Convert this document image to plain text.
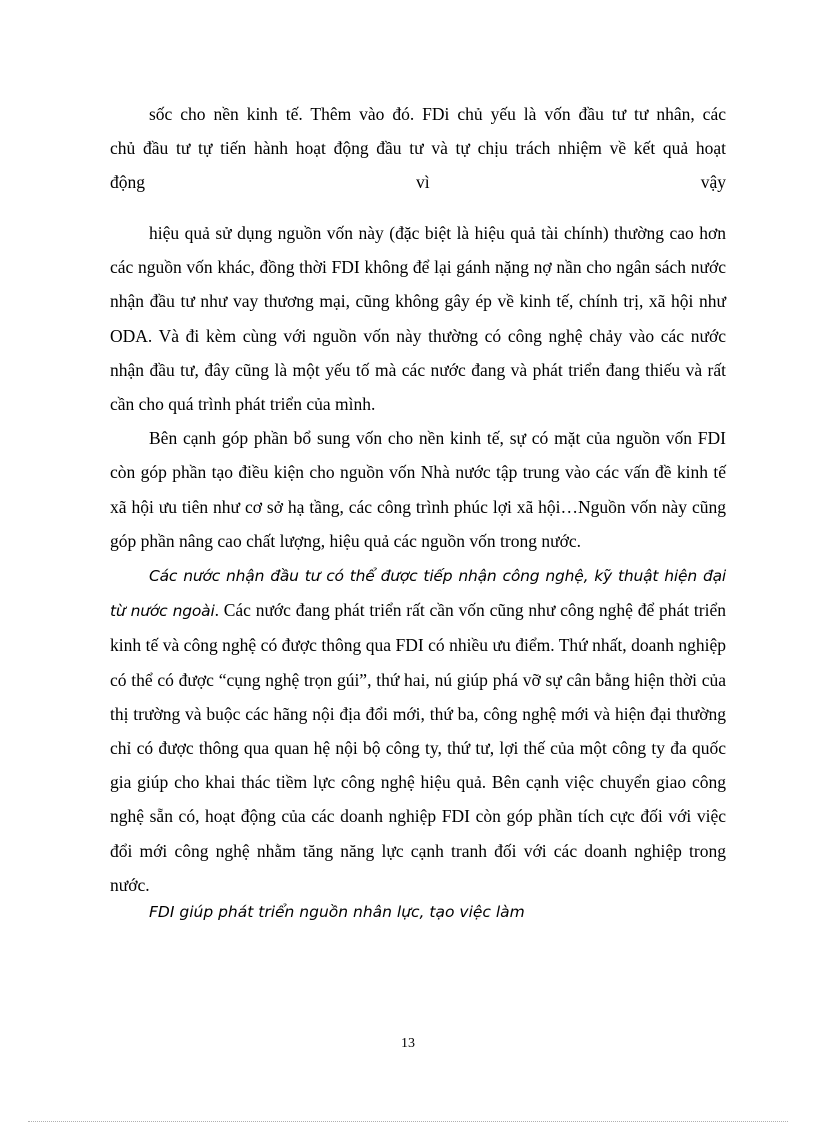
sốc cho nền kinh tế. Thêm vào đó. FDi chủ yếu là vốn đầu tư tư nhân, các

chủ đầu tư tự tiến hành hoạt động đầu tư và tự chịu trách nhiệm về kết quả hoạt

động vì vậy

hiệu quả sử dụng nguồn vốn này (đặc biệt là hiệu quả tài chính) thường cao hơn các nguồn vốn khác, đồng thời FDI không để lại gánh nặng nợ nần cho ngân sách nước nhận đầu tư như vay thương mại, cũng không gây ép về kinh tế, chính trị, xã hội như ODA. Và đi kèm cùng với nguồn vốn này thường có công nghệ chảy vào các nước nhận đầu tư, đây cũng là một yếu tố mà các nước đang và phát triển đang thiếu và rất cần cho quá trình phát triển của mình.

Bên cạnh góp phần bổ sung vốn cho nền kinh tế, sự có mặt của nguồn vốn FDI còn góp phần tạo điều kiện cho nguồn vốn Nhà nước tập trung vào các vấn đề kinh tế xã hội ưu tiên như cơ sở hạ tầng, các công trình phúc lợi xã hội…Nguồn vốn này cũng góp phần nâng cao chất lượng, hiệu quả các nguồn vốn trong nước.

Các nước nhận đầu tư có thể được tiếp nhận công nghệ, kỹ thuật hiện đại từ nước ngoài. Các nước đang phát triển rất cần vốn cũng như công nghệ để phát triển kinh tế và công nghệ có được thông qua FDI có nhiều ưu điểm. Thứ nhất, doanh nghiệp có thể có được “cụng nghệ trọn gúi”, thứ hai, nú giúp phá vỡ sự cân bằng hiện thời của thị trường và buộc các hãng nội địa đổi mới, thứ ba, công nghệ mới và hiện đại thường chỉ có được thông qua quan hệ nội bộ công ty, thứ tư, lợi thế của một công ty đa quốc gia giúp cho khai thác tiềm lực công nghệ hiệu quả. Bên cạnh việc chuyển giao công nghệ sẵn có, hoạt động của các doanh nghiệp FDI còn góp phần tích cực đối với việc đổi mới công nghệ nhằm tăng năng lực cạnh tranh đối với các doanh nghiệp trong nước.

FDI giúp phát triển nguồn nhân lực, tạo việc làm
13
